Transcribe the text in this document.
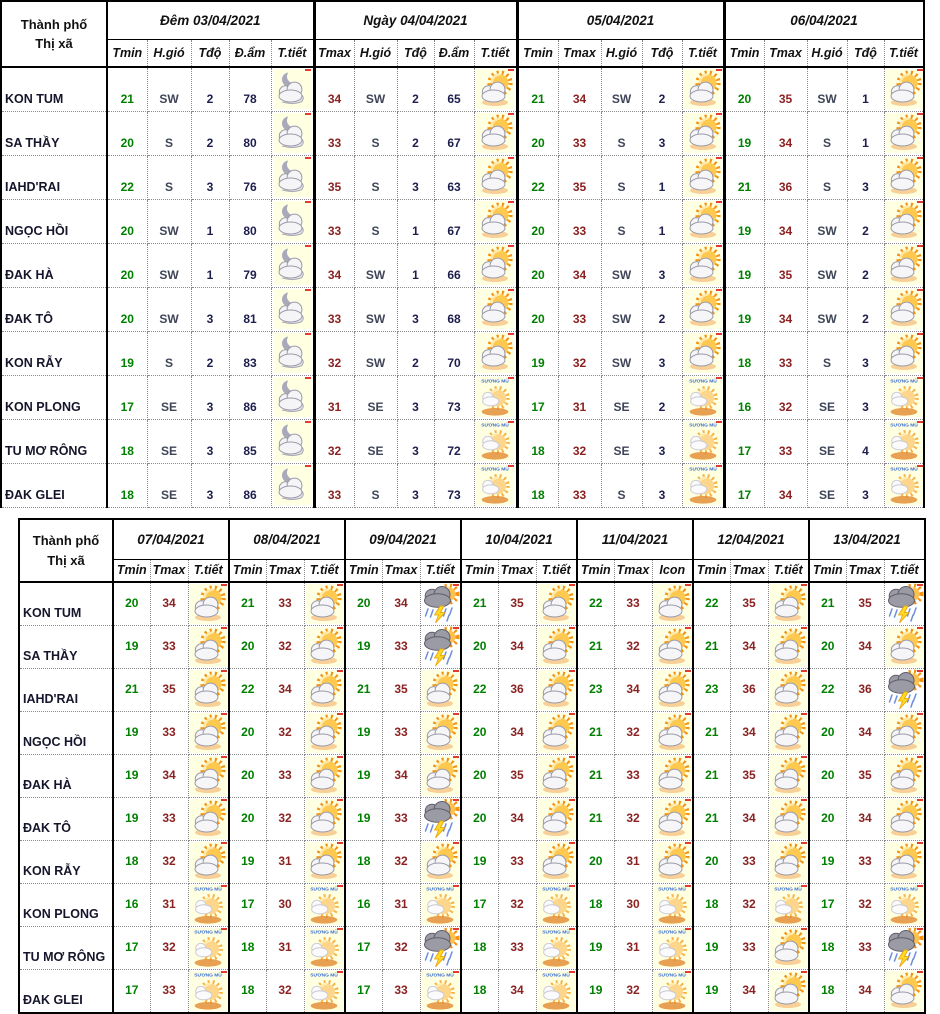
Thành phố
Thị xã	Đêm 03/04/2021					Ngày 04/04/2021					05/04/2021					06/04/2021				
	Tmin	H.gió	Tđộ	Đ.ẩm	T.tiết	Tmax	H.gió	Tđộ	Đ.ẩm	T.tiết	Tmin	Tmax	H.gió	Tđộ	T.tiết	Tmin	Tmax	H.gió	Tđộ	T.tiết
KON TUM	21	SW	2	78		34	SW	2	65		21	34	SW	2		20	35	SW	1	

SA THẦY	20	S	2	80		33	S	2	67		20	33	S	3		19	34	S	1	

IAHD'RAI	22	S	3	76		35	S	3	63		22	35	S	1		21	36	S	3	

NGỌC HỒI	20	SW	1	80		33	S	1	67		20	33	S	1		19	34	SW	2	

ĐAK HÀ	20	SW	1	79		34	SW	1	66		20	34	SW	3		19	35	SW	2	

ĐAK TÔ	20	SW	3	81		33	SW	3	68		20	33	SW	2		19	34	SW	2	

KON RẪY	19	S	2	83		32	SW	2	70		19	32	SW	3		18	33	S	3	

KON PLONG	17	SE	3	86		31	SE	3	73	SƯƠNG MÙ	17	31	SE	2	SƯƠNG MÙ	16	32	SE	3	SƯƠNG MÙ

TU MƠ RÔNG	18	SE	3	85		32	SE	3	72	SƯƠNG MÙ	18	32	SE	3	SƯƠNG MÙ	17	33	SE	4	SƯƠNG MÙ

ĐAK GLEI	18	SE	3	86		33	S	3	73	SƯƠNG MÙ	18	33	S	3	SƯƠNG MÙ	17	34	SE	3	SƯƠNG MÙ
Thành phố
Thị xã	07/04/2021			08/04/2021			09/04/2021			10/04/2021			11/04/2021			12/04/2021			13/04/2021		
	Tmin	Tmax	T.tiết	Tmin	Tmax	T.tiết	Tmin	Tmax	T.tiết	Tmin	Tmax	T.tiết	Tmin	Tmax	Icon	Tmin	Tmax	T.tiết	Tmin	Tmax	T.tiết
KON TUM	20	34		21	33		20	34		21	35		22	33		22	35		21	35	

SA THẦY	19	33		20	32		19	33		20	34		21	32		21	34		20	34	

IAHD'RAI	21	35		22	34		21	35		22	36		23	34		23	36		22	36	

NGỌC HỒI	19	33		20	32		19	33		20	34		21	32		21	34		20	34	

ĐAK HÀ	19	34		20	33		19	34		20	35		21	33		21	35		20	35	

ĐAK TÔ	19	33		20	32		19	33		20	34		21	32		21	34		20	34	

KON RẪY	18	32		19	31		18	32		19	33		20	31		20	33		19	33	

KON PLONG	16	31	SƯƠNG MÙ	17	30	SƯƠNG MÙ	16	31	SƯƠNG MÙ	17	32	SƯƠNG MÙ	18	30	SƯƠNG MÙ	18	32	SƯƠNG MÙ	17	32	SƯƠNG MÙ

TU MƠ RÔNG	17	32	SƯƠNG MÙ	18	31	SƯƠNG MÙ	17	32		18	33	SƯƠNG MÙ	19	31	SƯƠNG MÙ	19	33		18	33	

ĐAK GLEI	17	33	SƯƠNG MÙ	18	32	SƯƠNG MÙ	17	33	SƯƠNG MÙ	18	34	SƯƠNG MÙ	19	32	SƯƠNG MÙ	19	34		18	34	
